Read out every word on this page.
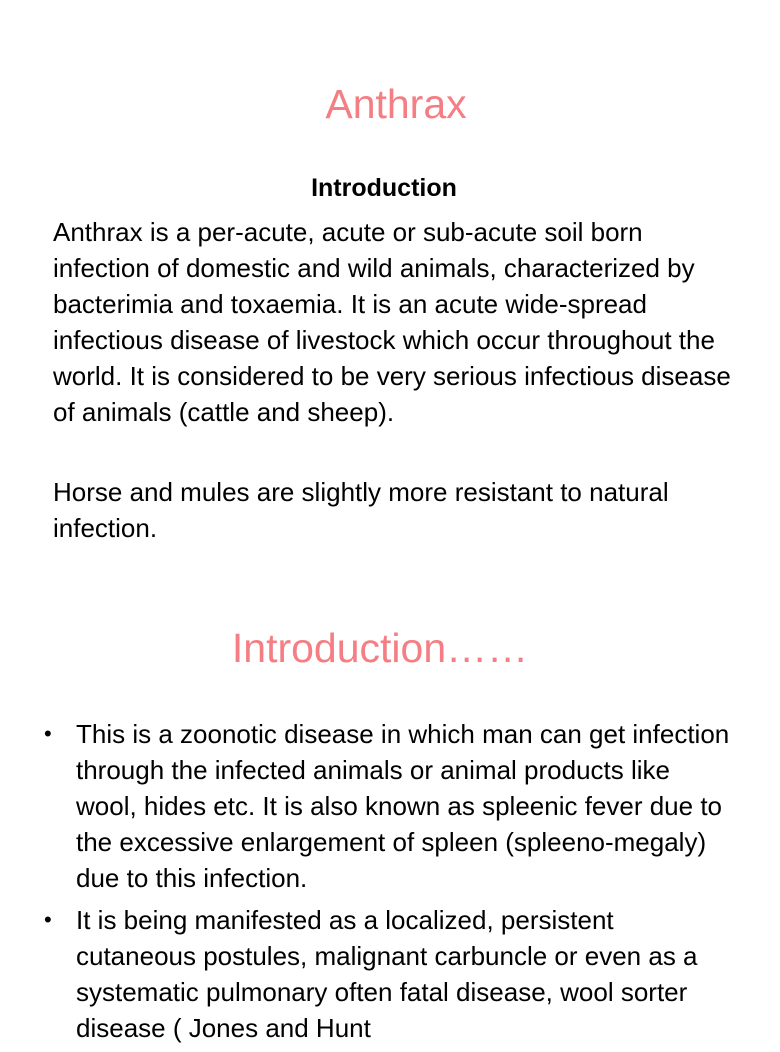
Anthrax
Introduction

Anthrax is a per-acute, acute or sub-acute soil born infection of domestic and wild animals, characterized by bacterimia and toxaemia. It is an acute wide-spread infectious disease of livestock which occur throughout the world. It is considered to be very serious infectious disease of animals (cattle and sheep).

Horse and mules are slightly more resistant to natural infection.

Introduction……
• This is a zoonotic disease in which man can get infection through the infected animals or animal products like wool, hides etc. It is also known as spleenic fever due to the excessive enlargement of spleen (spleeno-megaly) due to this infection.
• It is being manifested as a localized, persistent cutaneous postules, malignant carbuncle or even as a systematic pulmonary often fatal disease, wool sorter disease ( Jones and Hunt
